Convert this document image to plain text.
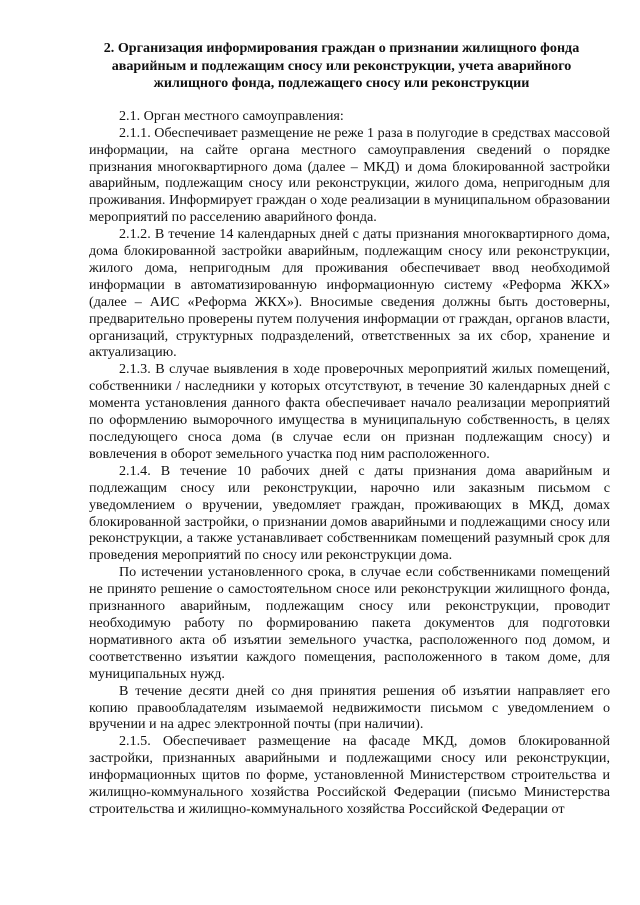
2. Организация информирования граждан о признании жилищного фонда аварийным и подлежащим сносу или реконструкции, учета аварийного жилищного фонда, подлежащего сносу или реконструкции

2.1. Орган местного самоуправления:

2.1.1. Обеспечивает размещение не реже 1 раза в полугодие в средствах массовой информации, на сайте органа местного самоуправления сведений о порядке признания многоквартирного дома (далее – МКД) и дома блокированной застройки аварийным, подлежащим сносу или реконструкции, жилого дома, непригодным для проживания. Информирует граждан о ходе реализации в муниципальном образовании мероприятий по расселению аварийного фонда.

2.1.2. В течение 14 календарных дней с даты признания многоквартирного дома, дома блокированной застройки аварийным, подлежащим сносу или реконструкции, жилого дома, непригодным для проживания обеспечивает ввод необходимой информации в автоматизированную информационную систему «Реформа ЖКХ» (далее – АИС «Реформа ЖКХ»). Вносимые сведения должны быть достоверны, предварительно проверены путем получения информации от граждан, органов власти, организаций, структурных подразделений, ответственных за их сбор, хранение и актуализацию.

2.1.3. В случае выявления в ходе проверочных мероприятий жилых помещений, собственники / наследники у которых отсутствуют, в течение 30 календарных дней с момента установления данного факта обеспечивает начало реализации мероприятий по оформлению выморочного имущества в муниципальную собственность, в целях последующего сноса дома (в случае если он признан подлежащим сносу) и вовлечения в оборот земельного участка под ним расположенного.

2.1.4. В течение 10 рабочих дней с даты признания дома аварийным и подлежащим сносу или реконструкции, нарочно или заказным письмом с уведомлением о вручении, уведомляет граждан, проживающих в МКД, домах блокированной застройки, о признании домов аварийными и подлежащими сносу или реконструкции, а также устанавливает собственникам помещений разумный срок для проведения мероприятий по сносу или реконструкции дома.

По истечении установленного срока, в случае если собственниками помещений не принято решение о самостоятельном сносе или реконструкции жилищного фонда, признанного аварийным, подлежащим сносу или реконструкции, проводит необходимую работу по формированию пакета документов для подготовки нормативного акта об изъятии земельного участка, расположенного под домом, и соответственно изъятии каждого помещения, расположенного в таком доме, для муниципальных нужд.

В течение десяти дней со дня принятия решения об изъятии направляет его копию правообладателям изымаемой недвижимости письмом с уведомлением о вручении и на адрес электронной почты (при наличии).

2.1.5. Обеспечивает размещение на фасаде МКД, домов блокированной застройки, признанных аварийными и подлежащими сносу или реконструкции, информационных щитов по форме, установленной Министерством строительства и жилищно-коммунального хозяйства Российской Федерации (письмо Министерства строительства и жилищно-коммунального хозяйства Российской Федерации от
